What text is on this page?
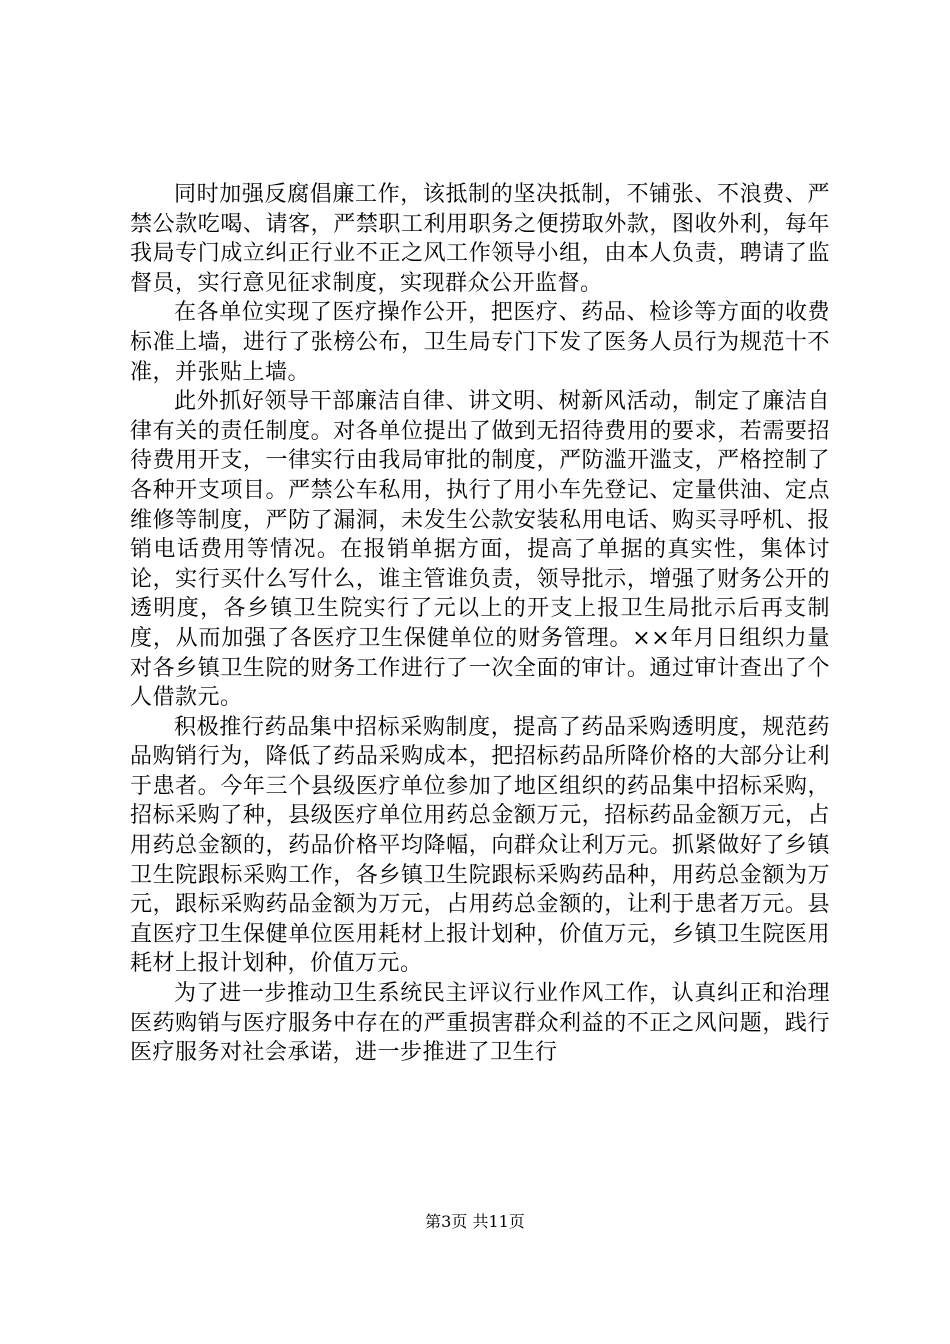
同时加强反腐倡廉工作，该抵制的坚决抵制，不铺张、不浪费、严禁公款吃喝、请客，严禁职工利用职务之便捞取外款，图收外利，每年我局专门成立纠正行业不正之风工作领导小组，由本人负责，聘请了监督员，实行意见征求制度，实现群众公开监督。

在各单位实现了医疗操作公开，把医疗、药品、检诊等方面的收费标准上墙，进行了张榜公布，卫生局专门下发了医务人员行为规范十不准，并张贴上墙。

此外抓好领导干部廉洁自律、讲文明、树新风活动，制定了廉洁自律有关的责任制度。对各单位提出了做到无招待费用的要求，若需要招待费用开支，一律实行由我局审批的制度，严防滥开滥支，严格控制了各种开支项目。严禁公车私用，执行了用小车先登记、定量供油、定点维修等制度，严防了漏洞，未发生公款安装私用电话、购买寻呼机、报销电话费用等情况。在报销单据方面，提高了单据的真实性，集体讨论，实行买什么写什么，谁主管谁负责，领导批示，增强了财务公开的透明度，各乡镇卫生院实行了元以上的开支上报卫生局批示后再支制度，从而加强了各医疗卫生保健单位的财务管理。××年月日组织力量对各乡镇卫生院的财务工作进行了一次全面的审计。通过审计查出了个人借款元。

积极推行药品集中招标采购制度，提高了药品采购透明度，规范药品购销行为，降低了药品采购成本，把招标药品所降价格的大部分让利于患者。今年三个县级医疗单位参加了地区组织的药品集中招标采购，招标采购了种，县级医疗单位用药总金额万元，招标药品金额万元，占用药总金额的，药品价格平均降幅，向群众让利万元。抓紧做好了乡镇卫生院跟标采购工作，各乡镇卫生院跟标采购药品种，用药总金额为万元，跟标采购药品金额为万元，占用药总金额的，让利于患者万元。县直医疗卫生保健单位医用耗材上报计划种，价值万元，乡镇卫生院医用耗材上报计划种，价值万元。

为了进一步推动卫生系统民主评议行业作风工作，认真纠正和治理医药购销与医疗服务中存在的严重损害群众利益的不正之风问题，践行医疗服务对社会承诺，进一步推进了卫生行

第3页 共11页
